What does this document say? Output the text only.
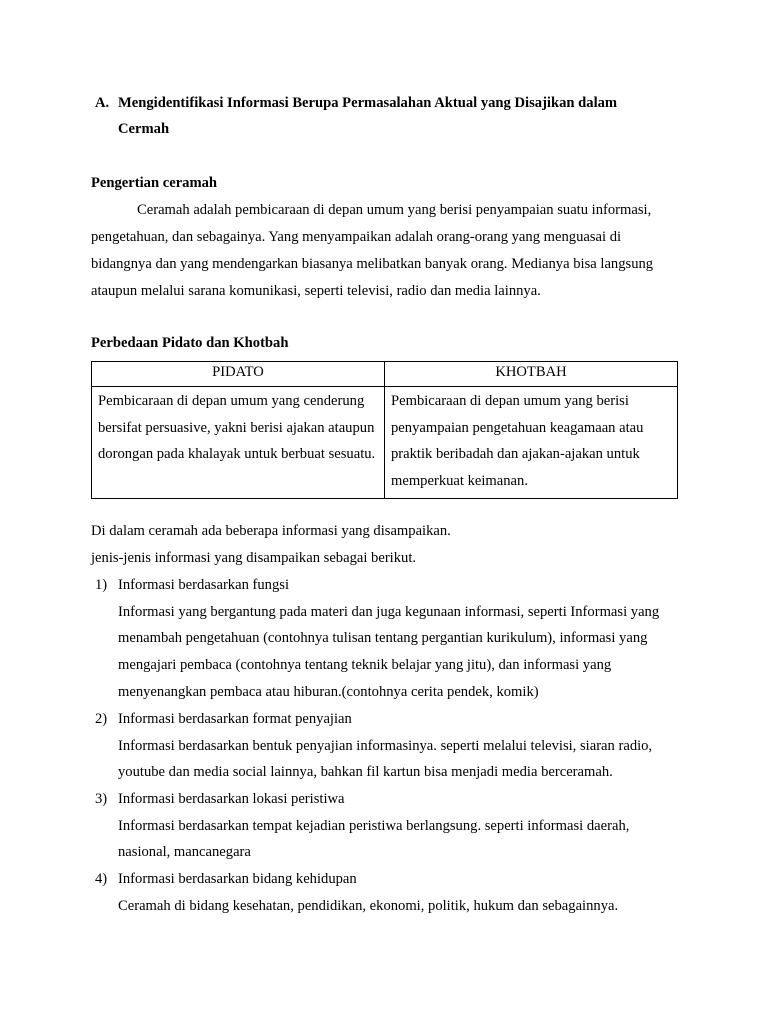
A. Mengidentifikasi Informasi Berupa Permasalahan Aktual yang Disajikan dalam
Cermah
Pengertian ceramah
Ceramah adalah pembicaraan di depan umum yang berisi penyampaian suatu informasi,
pengetahuan, dan sebagainya. Yang menyampaikan adalah orang-orang yang menguasai di
bidangnya dan yang mendengarkan biasanya melibatkan banyak orang. Medianya bisa langsung
ataupun melalui sarana komunikasi, seperti televisi, radio dan media lainnya.
Perbedaan Pidato dan Khotbah
PIDATO	KHOTBAH
Pembicaraan di depan umum yang cenderung bersifat persuasive, yakni berisi ajakan ataupun dorongan pada khalayak untuk berbuat sesuatu.	Pembicaraan di depan umum yang berisi penyampaian pengetahuan keagamaan atau praktik beribadah dan ajakan-ajakan untuk memperkuat keimanan.
Di dalam ceramah ada beberapa informasi yang disampaikan.
jenis-jenis informasi yang disampaikan sebagai berikut.
1) Informasi berdasarkan fungsi
Informasi yang bergantung pada materi dan juga kegunaan informasi, seperti Informasi yang
menambah pengetahuan (contohnya tulisan tentang pergantian kurikulum), informasi yang
mengajari pembaca (contohnya tentang teknik belajar yang jitu), dan informasi yang
menyenangkan pembaca atau hiburan.(contohnya cerita pendek, komik)
2) Informasi berdasarkan format penyajian
Informasi berdasarkan bentuk penyajian informasinya. seperti melalui televisi, siaran radio,
youtube dan media social lainnya, bahkan fil kartun bisa menjadi media berceramah.
3) Informasi berdasarkan lokasi peristiwa
Informasi berdasarkan tempat kejadian peristiwa berlangsung. seperti informasi daerah,
nasional, mancanegara
4) Informasi berdasarkan bidang kehidupan
Ceramah di bidang kesehatan, pendidikan, ekonomi, politik, hukum dan sebagainnya.
